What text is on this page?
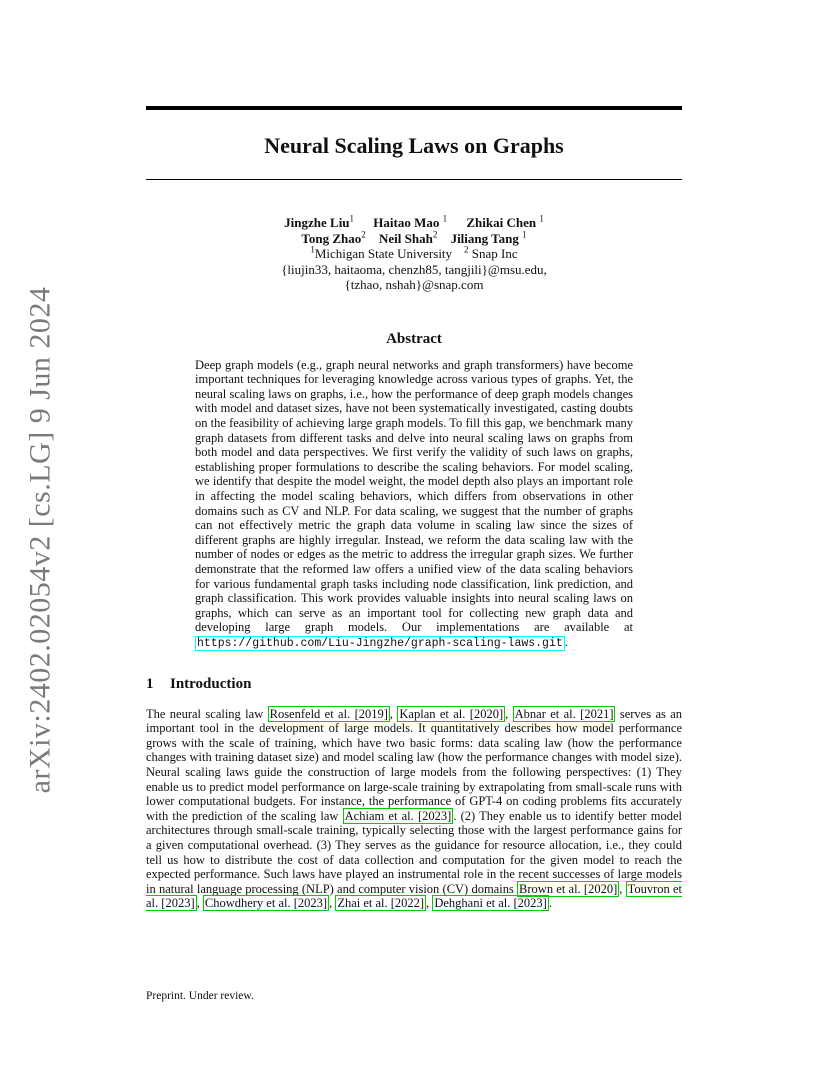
arXiv:2402.02054v2 [cs.LG] 9 Jun 2024
Neural Scaling Laws on Graphs
Jingzhe Liu$^1$ Haitao Mao $^1$ Zhikai Chen $^1$
Tong Zhao$^2$ Neil Shah$^2$ Jiliang Tang $^1$
$^1$Michigan State University $^2$ Snap Inc
{liujin33, haitaoma, chenzh85, tangjili}@msu.edu,
{tzhao, nshah}@snap.com
Abstract
Deep graph models (e.g., graph neural networks and graph transformers) have become important techniques for leveraging knowledge across various types of graphs. Yet, the neural scaling laws on graphs, i.e., how the performance of deep graph models changes with model and dataset sizes, have not been systematically investigated, casting doubts on the feasibility of achieving large graph models. To fill this gap, we benchmark many graph datasets from different tasks and delve into neural scaling laws on graphs from both model and data perspectives. We first verify the validity of such laws on graphs, establishing proper formulations to describe the scaling behaviors. For model scaling, we identify that despite the model weight, the model depth also plays an important role in affecting the model scaling behaviors, which differs from observations in other domains such as CV and NLP. For data scaling, we suggest that the number of graphs can not effectively metric the graph data volume in scaling law since the sizes of different graphs are highly irregular. Instead, we reform the data scaling law with the number of nodes or edges as the metric to address the irregular graph sizes. We further demonstrate that the reformed law offers a unified view of the data scaling behaviors for various fundamental graph tasks including node classification, link prediction, and graph classification. This work provides valuable insights into neural scaling laws on graphs, which can serve as an important tool for collecting new graph data and developing large graph models. Our implementations are available at https://github.com/Liu-Jingzhe/graph-scaling-laws.git .
1 Introduction
The neural scaling law Rosenfeld et al. [2019] , Kaplan et al. [2020] , Abnar et al. [2021] serves as an important tool in the development of large models. It quantitatively describes how model performance grows with the scale of training, which have two basic forms: data scaling law (how the performance changes with training dataset size) and model scaling law (how the performance changes with model size). Neural scaling laws guide the construction of large models from the following perspectives: (1) They enable us to predict model performance on large-scale training by extrapolating from small-scale runs with lower computational budgets. For instance, the performance of GPT-4 on coding problems fits accurately with the prediction of the scaling law Achiam et al. [2023] . (2) They enable us to identify better model architectures through small-scale training, typically selecting those with the largest performance gains for a given computational overhead. (3) They serves as the guidance for resource allocation, i.e., they could tell us how to distribute the cost of data collection and computation for the given model to reach the expected performance. Such laws have played an instrumental role in the recent successes of large models in natural language processing (NLP) and computer vision (CV) domains Brown et al. [2020] , Touvron et al. [2023] , Chowdhery et al. [2023] , Zhai et al. [2022] , Dehghani et al. [2023] .
Preprint. Under review.
